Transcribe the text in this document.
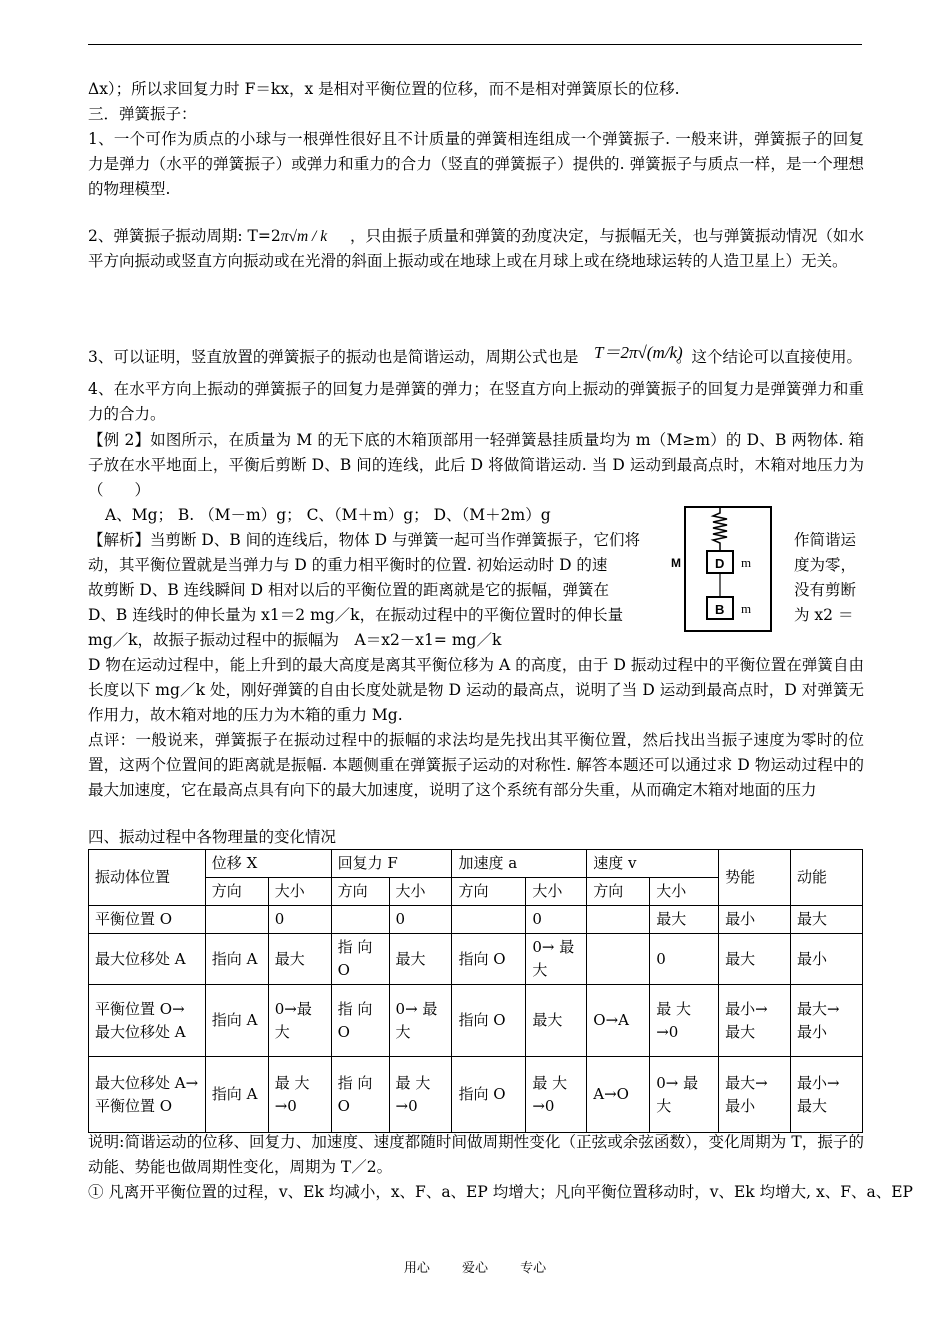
Δx）；所以求回复力时 F＝kx，x 是相对平衡位置的位移，而不是相对弹簧原长的位移.
三．弹簧振子：
1、一个可作为质点的小球与一根弹性很好且不计质量的弹簧相连组成一个弹簧振子. 一般来讲，弹簧振子的回复力是弹力（水平的弹簧振子）或弹力和重力的合力（竖直的弹簧振子）提供的. 弹簧振子与质点一样，是一个理想的物理模型.
2、弹簧振子振动周期: T=2π√m / k	，只由振子质量和弹簧的劲度决定，与振幅无关，也与弹簧振动情况（如水平方向振动或竖直方向振动或在光滑的斜面上振动或在地球上或在月球上或在绕地球运转的人造卫星上）无关。
3、可以证明，竖直放置的弹簧振子的振动也是简谐运动，周期公式也是 T＝2π√(m/k)
。这个结论可以直接使用。
4、在水平方向上振动的弹簧振子的回复力是弹簧的弹力；在竖直方向上振动的弹簧振子的回复力是弹簧弹力和重力的合力。
【例 2】如图所示，在质量为 M 的无下底的木箱顶部用一轻弹簧悬挂质量均为 m（M≥m）的 D、B 两物体. 箱子放在水平地面上，平衡后剪断 D、B 间的连线，此后 D 将做简谐运动. 当 D 运动到最高点时，木箱对地压力为（　　）
A、Mg； B. （M－m）g； C、（M＋m）g； D、（M＋2m）g
【解析】当剪断 D、B 间的连线后，物体 D 与弹簧一起可当作弹簧振子，它们将	作简谐运
动，其平衡位置就是当弹力与 D 的重力相平衡时的位置. 初始运动时 D 的速	度为零，
故剪断 D、B 连线瞬间 D 相对以后的平衡位置的距离就是它的振幅，弹簧在	没有剪断
D、B 连线时的伸长量为 x1＝2 mg／k，在振动过程中的平衡位置时的伸长量	为 x2 ＝
mg／k，故振子振动过程中的振幅为　A＝x2－x1= mg／k
D
B
M	m
m
D 物在运动过程中，能上升到的最大高度是离其平衡位移为 A 的高度，由于 D 振动过程中的平衡位置在弹簧自由长度以下 mg／k 处，刚好弹簧的自由长度处就是物 D 运动的最高点，说明了当 D 运动到最高点时，D 对弹簧无作用力，故木箱对地的压力为木箱的重力 Mg.
点评：一般说来，弹簧振子在振动过程中的振幅的求法均是先找出其平衡位置，然后找出当振子速度为零时的位置，这两个位置间的距离就是振幅. 本题侧重在弹簧振子运动的对称性. 解答本题还可以通过求 D 物运动过程中的最大加速度，它在最高点具有向下的最大加速度，说明了这个系统有部分失重，从而确定木箱对地面的压力
四、振动过程中各物理量的变化情况
振动体位置	位移 X		回复力 F		加速度 a		速度 v		势能	动能
	方向	大小	方向	大小	方向	大小	方向	大小		
平衡位置 O		0		0		0		最大	最小	最大
最大位移处 A	指向 A	最大	指 向 O	最大	指向 O	0→ 最大		0	最大	最小
平衡位置 O→ 最大位移处 A	指向 A	0→最大	指 向 O	0→ 最大	指向 O	最大	O→A	最 大 →0	最小→ 最大	最大→ 最小
最大位移处 A→平衡位置 O	指向 A	最 大 →0	指 向 O	最 大 →0	指向 O	最 大 →0	A→O	0→ 最大	最大→ 最小	最小→ 最大
说明:简谐运动的位移、回复力、加速度、速度都随时间做周期性变化（正弦或余弦函数），变化周期为 T，振子的动能、势能也做周期性变化，周期为 T／2。
① 凡离开平衡位置的过程，v、Ek 均减小，x、F、a、EP 均增大；凡向平衡位置移动时，v、Ek 均增大, x、F、a、EP
用心 爱心 专心
